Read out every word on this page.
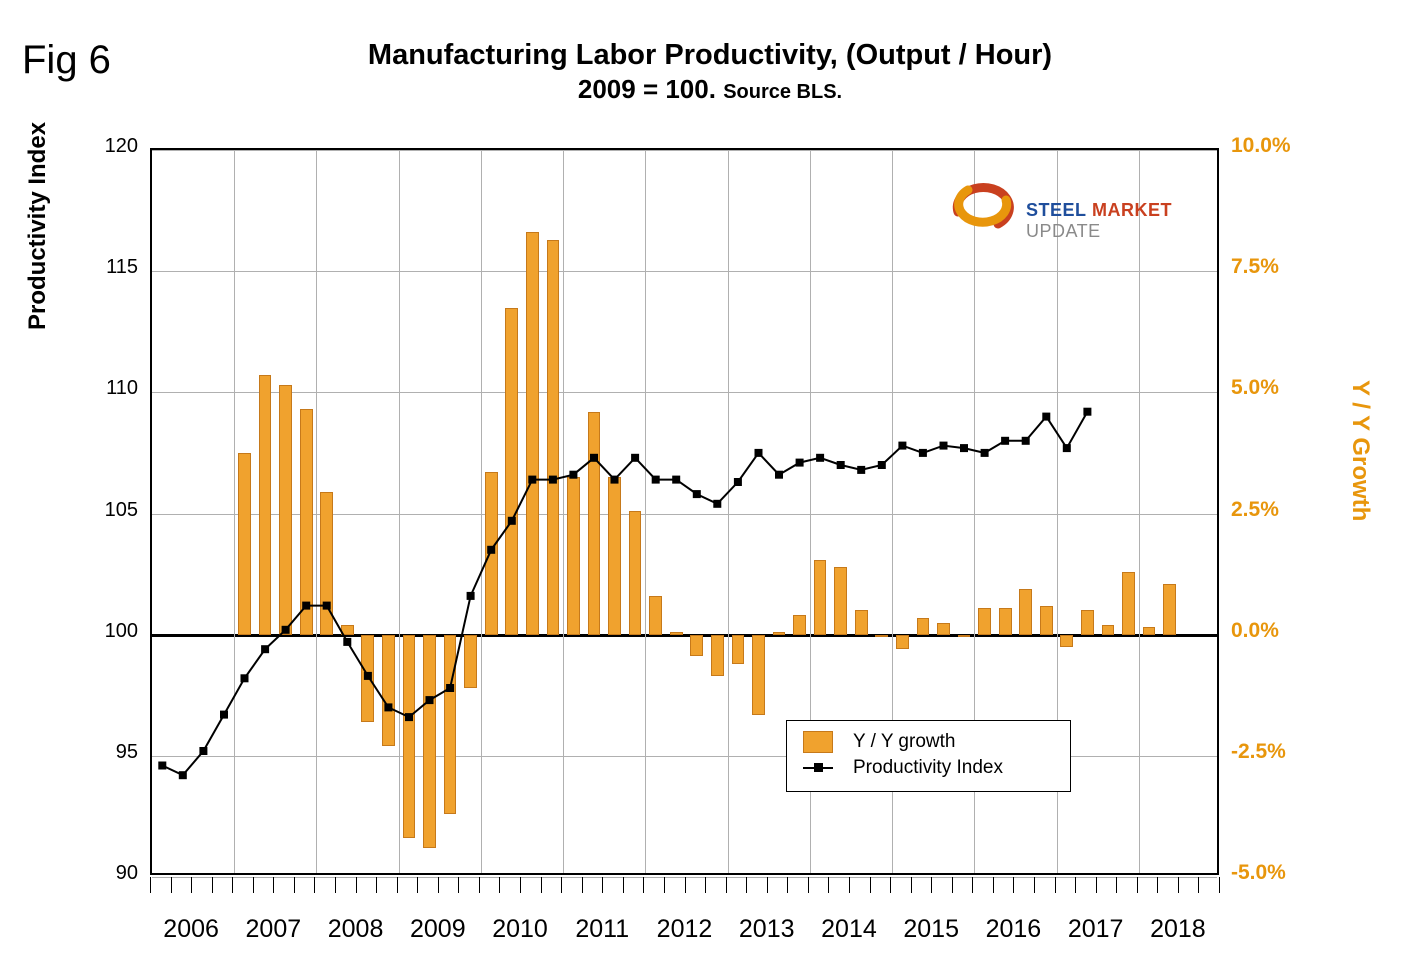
Fig 6	Manufacturing Labor Productivity, (Output / Hour)
2009 = 100. Source BLS.
Productivity Index
Y / Y Growth
STEEL MARKET UPDATE
Y / Y growth
Productivity Index
120
115
110
105
100
95
90
10.0%
7.5%
5.0%
2.5%
0.0%
-2.5%
-5.0%
2006	2007	2008	2009	2010	2011	2012	2013	2014	2015	2016	2017	2018
